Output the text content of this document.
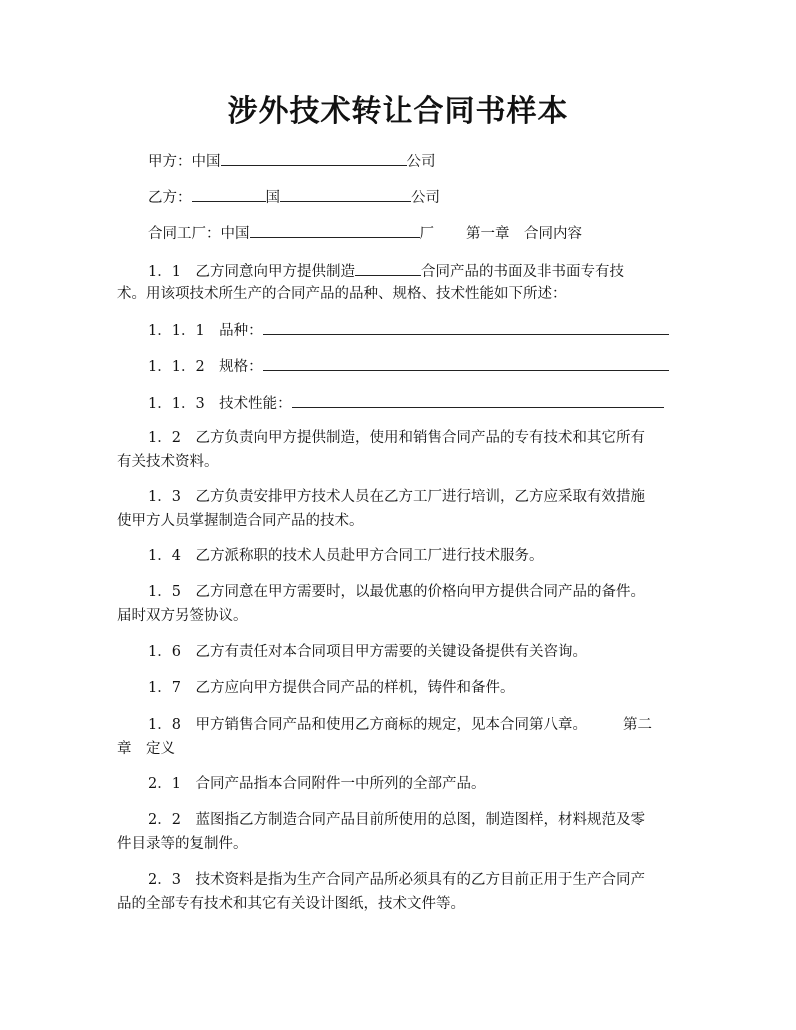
涉外技术转让合同书样本
甲方：中国	公司
乙方：	国	公司
合同工厂：中国	厂 第一章　合同内容
1．1　乙方同意向甲方提供制造	合同产品的书面及非书面专有技
术。用该项技术所生产的合同产品的品种、规格、技术性能如下所述：
1．1．1　品种：
1．1．2　规格：
1．1．3　技术性能：
1．2　乙方负责向甲方提供制造，使用和销售合同产品的专有技术和其它所有
有关技术资料。
1．3　乙方负责安排甲方技术人员在乙方工厂进行培训，乙方应采取有效措施
使甲方人员掌握制造合同产品的技术。
1．4　乙方派称职的技术人员赴甲方合同工厂进行技术服务。
1．5　乙方同意在甲方需要时，以最优惠的价格向甲方提供合同产品的备件。
届时双方另签协议。
1．6　乙方有责任对本合同项目甲方需要的关键设备提供有关咨询。
1．7　乙方应向甲方提供合同产品的样机，铸件和备件。
1．8　甲方销售合同产品和使用乙方商标的规定，见本合同第八章。 第二
章　定义
2．1　合同产品指本合同附件一中所列的全部产品。
2．2　蓝图指乙方制造合同产品目前所使用的总图，制造图样，材料规范及零
件目录等的复制件。
2．3　技术资料是指为生产合同产品所必须具有的乙方目前正用于生产合同产
品的全部专有技术和其它有关设计图纸，技术文件等。
